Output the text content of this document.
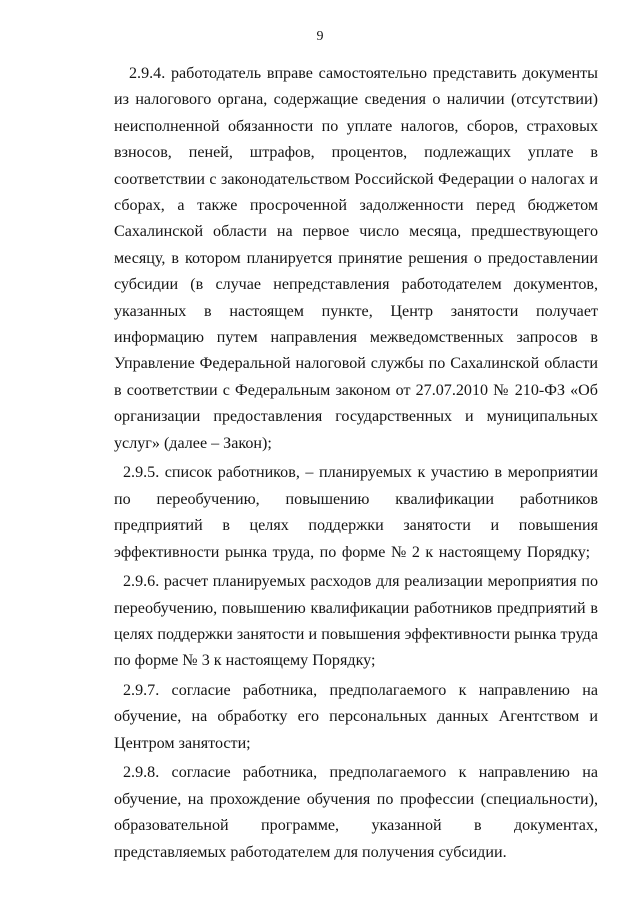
9

2.9.4. работодатель вправе самостоятельно представить документы из налогового органа, содержащие сведения о наличии (отсутствии) неисполненной обязанности по уплате налогов, сборов, страховых взносов, пеней, штрафов, процентов, подлежащих уплате в соответствии с законодательством Российской Федерации о налогах и сборах, а также просроченной задолженности перед бюджетом Сахалинской области на первое число месяца, предшествующего месяцу, в котором планируется принятие решения о предоставлении субсидии (в случае непредставления работодателем документов, указанных в настоящем пункте, Центр занятости получает информацию путем направления межведомственных запросов в Управление Федеральной налоговой службы по Сахалинской области в соответствии с Федеральным законом от 27.07.2010 № 210-ФЗ «Об организации предоставления государственных и муниципальных услуг» (далее – Закон);

2.9.5. список работников, – планируемых к участию в мероприятии по переобучению, повышению квалификации работников предприятий в целях поддержки занятости и повышения эффективности рынка труда, по форме № 2 к настоящему Порядку;

2.9.6. расчет планируемых расходов для реализации мероприятия по переобучению, повышению квалификации работников предприятий в целях поддержки занятости и повышения эффективности рынка труда по форме № 3 к настоящему Порядку;

2.9.7. согласие работника, предполагаемого к направлению на обучение, на обработку его персональных данных Агентством и Центром занятости;

2.9.8. согласие работника, предполагаемого к направлению на обучение, на прохождение обучения по профессии (специальности), образовательной программе, указанной в документах, представляемых работодателем для получения субсидии.
